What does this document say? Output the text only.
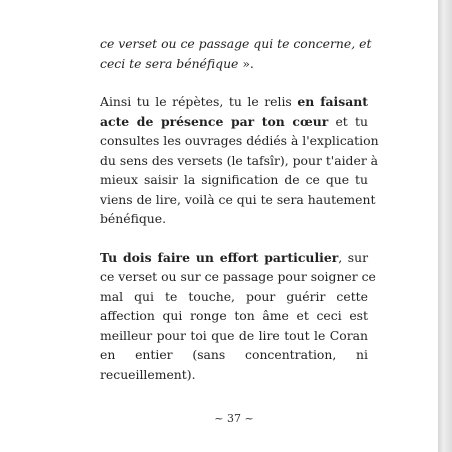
ce verset ou ce passage qui te concerne, et
ceci te sera bénéfique ».
Ainsi tu le répètes, tu le relis en faisant
acte de présence par ton cœur et tu
consultes les ouvrages dédiés à l'explication
du sens des versets (le tafsîr), pour t'aider à
mieux saisir la signification de ce que tu
viens de lire, voilà ce qui te sera hautement
bénéfique.
Tu dois faire un effort particulier, sur
ce verset ou sur ce passage pour soigner ce
mal qui te touche, pour guérir cette
affection qui ronge ton âme et ceci est
meilleur pour toi que de lire tout le Coran
en entier (sans concentration, ni
recueillement).
~ 37 ~
